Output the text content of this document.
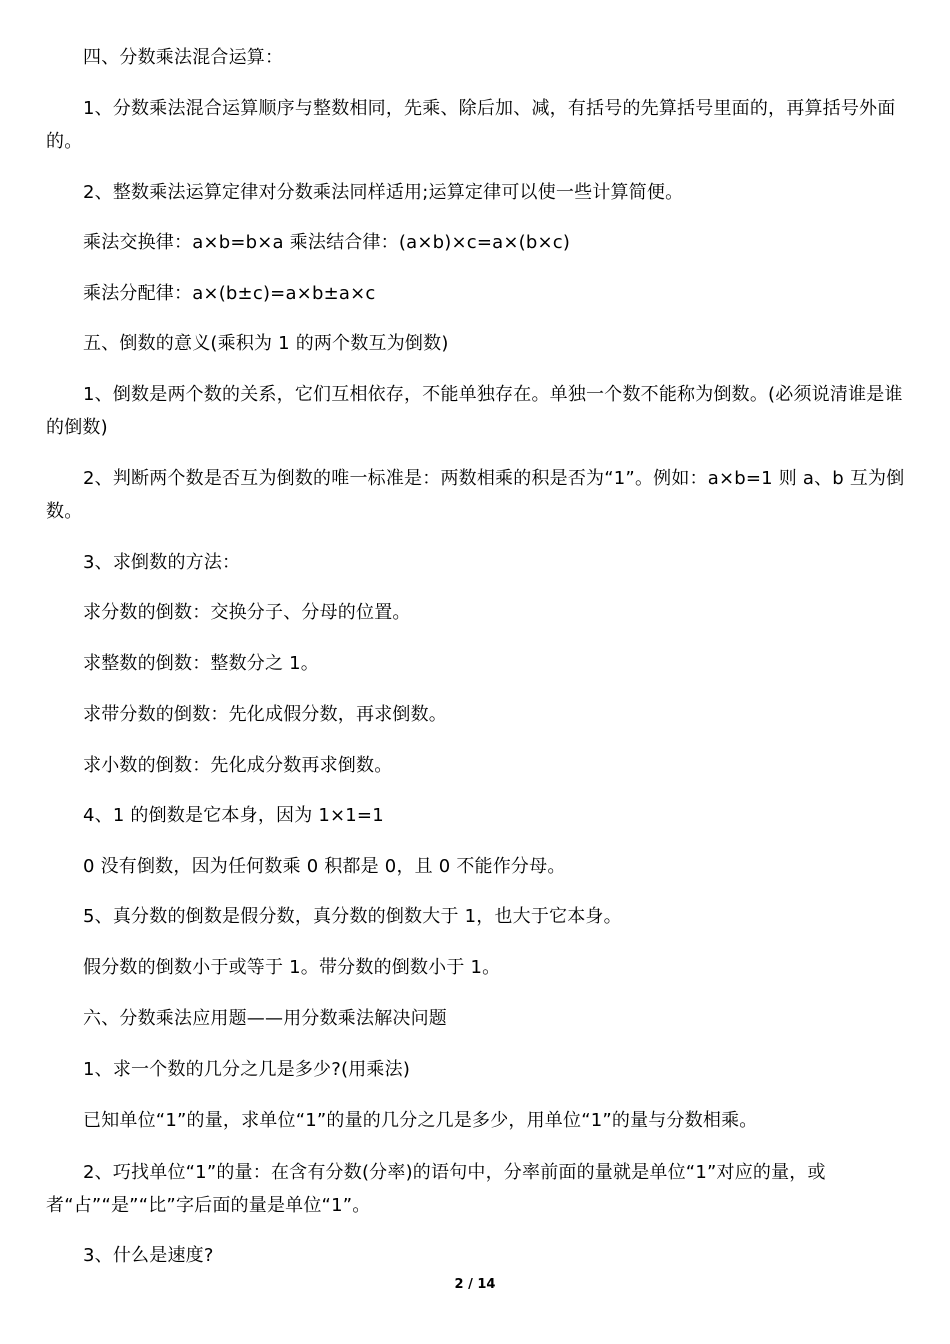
四、分数乘法混合运算：

1、分数乘法混合运算顺序与整数相同，先乘、除后加、减，有括号的先算括号里面的，再算括号外面的。

2、整数乘法运算定律对分数乘法同样适用;运算定律可以使一些计算简便。

乘法交换律：a×b=b×a 乘法结合律：(a×b)×c=a×(b×c)

乘法分配律：a×(b±c)=a×b±a×c

五、倒数的意义(乘积为 1 的两个数互为倒数)

1、倒数是两个数的关系，它们互相依存，不能单独存在。单独一个数不能称为倒数。(必须说清谁是谁的倒数)

2、判断两个数是否互为倒数的唯一标准是：两数相乘的积是否为“1”。例如：a×b=1 则 a、b 互为倒数。

3、求倒数的方法：

求分数的倒数：交换分子、分母的位置。

求整数的倒数：整数分之 1。

求带分数的倒数：先化成假分数，再求倒数。

求小数的倒数：先化成分数再求倒数。

4、1 的倒数是它本身，因为 1×1=1

0 没有倒数，因为任何数乘 0 积都是 0，且 0 不能作分母。

5、真分数的倒数是假分数，真分数的倒数大于 1，也大于它本身。

假分数的倒数小于或等于 1。带分数的倒数小于 1。

六、分数乘法应用题——用分数乘法解决问题

1、求一个数的几分之几是多少?(用乘法)

已知单位“1”的量，求单位“1”的量的几分之几是多少，用单位“1”的量与分数相乘。

2、巧找单位“1”的量：在含有分数(分率)的语句中，分率前面的量就是单位“1”对应的量，或者“占”“是”“比”字后面的量是单位“1”。

3、什么是速度?

2 / 14
